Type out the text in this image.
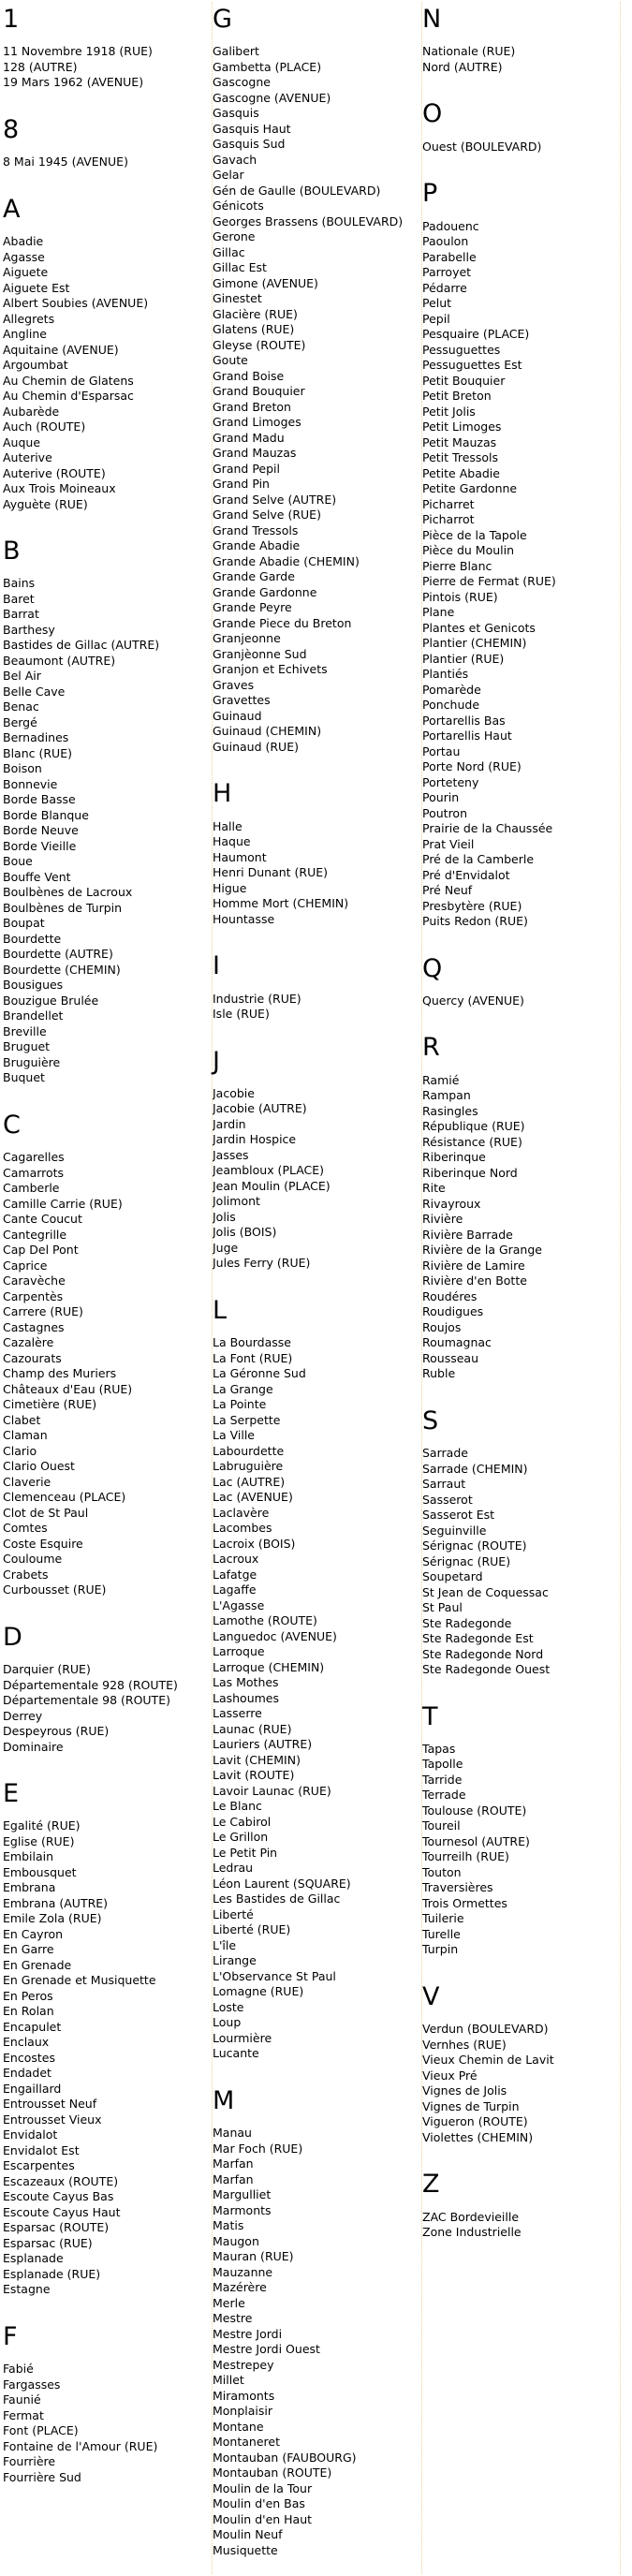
1
11 Novembre 1918 (RUE)
128 (AUTRE)
19 Mars 1962 (AVENUE)
8
8 Mai 1945 (AVENUE)
A
Abadie
Agasse
Aiguete
Aiguete Est
Albert Soubies (AVENUE)
Allegrets
Angline
Aquitaine (AVENUE)
Argoumbat
Au Chemin de Glatens
Au Chemin d'Esparsac
Aubarède
Auch (ROUTE)
Auque
Auterive
Auterive (ROUTE)
Aux Trois Moineaux
Ayguète (RUE)
B
Bains
Baret
Barrat
Barthesy
Bastides de Gillac (AUTRE)
Beaumont (AUTRE)
Bel Air
Belle Cave
Benac
Bergé
Bernadines
Blanc (RUE)
Boison
Bonnevie
Borde Basse
Borde Blanque
Borde Neuve
Borde Vieille
Boue
Bouffe Vent
Boulbènes de Lacroux
Boulbènes de Turpin
Boupat
Bourdette
Bourdette (AUTRE)
Bourdette (CHEMIN)
Bousigues
Bouzigue Brulée
Brandellet
Breville
Bruguet
Bruguière
Buquet
C
Cagarelles
Camarrots
Camberle
Camille Carrie (RUE)
Cante Coucut
Cantegrille
Cap Del Pont
Caprice
Caravèche
Carpentès
Carrere (RUE)
Castagnes
Cazalère
Cazourats
Champ des Muriers
Châteaux d'Eau (RUE)
Cimetière (RUE)
Clabet
Claman
Clario
Clario Ouest
Claverie
Clemenceau (PLACE)
Clot de St Paul
Comtes
Coste Esquire
Couloume
Crabets
Curbousset (RUE)
D
Darquier (RUE)
Départementale 928 (ROUTE)
Départementale 98 (ROUTE)
Derrey
Despeyrous (RUE)
Dominaire
E
Egalité (RUE)
Eglise (RUE)
Embilain
Embousquet
Embrana
Embrana (AUTRE)
Emile Zola (RUE)
En Cayron
En Garre
En Grenade
En Grenade et Musiquette
En Peros
En Rolan
Encapulet
Enclaux
Encostes
Endadet
Engaillard
Entrousset Neuf
Entrousset Vieux
Envidalot
Envidalot Est
Escarpentes
Escazeaux (ROUTE)
Escoute Cayus Bas
Escoute Cayus Haut
Esparsac (ROUTE)
Esparsac (RUE)
Esplanade
Esplanade (RUE)
Estagne
F
Fabié
Fargasses
Faunié
Fermat
Font (PLACE)
Fontaine de l'Amour (RUE)
Fourrière
Fourrière Sud
G
Galibert
Gambetta (PLACE)
Gascogne
Gascogne (AVENUE)
Gasquis
Gasquis Haut
Gasquis Sud
Gavach
Gelar
Gén de Gaulle (BOULEVARD)
Génicots
Georges Brassens (BOULEVARD)
Gerone
Gillac
Gillac Est
Gimone (AVENUE)
Ginestet
Glacière (RUE)
Glatens (RUE)
Gleyse (ROUTE)
Goute
Grand Boise
Grand Bouquier
Grand Breton
Grand Limoges
Grand Madu
Grand Mauzas
Grand Pepil
Grand Pin
Grand Selve (AUTRE)
Grand Selve (RUE)
Grand Tressols
Grande Abadie
Grande Abadie (CHEMIN)
Grande Garde
Grande Gardonne
Grande Peyre
Grande Piece du Breton
Granjeonne
Granjèonne Sud
Granjon et Echivets
Graves
Gravettes
Guinaud
Guinaud (CHEMIN)
Guinaud (RUE)
H
Halle
Haque
Haumont
Henri Dunant (RUE)
Higue
Homme Mort (CHEMIN)
Hountasse
I
Industrie (RUE)
Isle (RUE)
J
Jacobie
Jacobie (AUTRE)
Jardin
Jardin Hospice
Jasses
Jeambloux (PLACE)
Jean Moulin (PLACE)
Jolimont
Jolis
Jolis (BOIS)
Juge
Jules Ferry (RUE)
L
La Bourdasse
La Font (RUE)
La Géronne Sud
La Grange
La Pointe
La Serpette
La Ville
Labourdette
Labruguière
Lac (AUTRE)
Lac (AVENUE)
Laclavère
Lacombes
Lacroix (BOIS)
Lacroux
Lafatge
Lagaffe
L'Agasse
Lamothe (ROUTE)
Languedoc (AVENUE)
Larroque
Larroque (CHEMIN)
Las Mothes
Lashoumes
Lasserre
Launac (RUE)
Lauriers (AUTRE)
Lavit (CHEMIN)
Lavit (ROUTE)
Lavoir Launac (RUE)
Le Blanc
Le Cabirol
Le Grillon
Le Petit Pin
Ledrau
Léon Laurent (SQUARE)
Les Bastides de Gillac
Liberté
Liberté (RUE)
L'île
Lirange
L'Observance St Paul
Lomagne (RUE)
Loste
Loup
Lourmière
Lucante
M
Manau
Mar Foch (RUE)
Marfan
Marfan
Margulliet
Marmonts
Matis
Maugon
Mauran (RUE)
Mauzanne
Mazérère
Merle
Mestre
Mestre Jordi
Mestre Jordi Ouest
Mestrepey
Millet
Miramonts
Monplaisir
Montane
Montaneret
Montauban (FAUBOURG)
Montauban (ROUTE)
Moulin de la Tour
Moulin d'en Bas
Moulin d'en Haut
Moulin Neuf
Musiquette
N
Nationale (RUE)
Nord (AUTRE)
O
Ouest (BOULEVARD)
P
Padouenc
Paoulon
Parabelle
Parroyet
Pédarre
Pelut
Pepil
Pesquaire (PLACE)
Pessuguettes
Pessuguettes Est
Petit Bouquier
Petit Breton
Petit Jolis
Petit Limoges
Petit Mauzas
Petit Tressols
Petite Abadie
Petite Gardonne
Picharret
Picharrot
Pièce de la Tapole
Pièce du Moulin
Pierre Blanc
Pierre de Fermat (RUE)
Pintois (RUE)
Plane
Plantes et Genicots
Plantier (CHEMIN)
Plantier (RUE)
Plantiés
Pomarède
Ponchude
Portarellis Bas
Portarellis Haut
Portau
Porte Nord (RUE)
Porteteny
Pourin
Poutron
Prairie de la Chaussée
Prat Vieil
Pré de la Camberle
Pré d'Envidalot
Pré Neuf
Presbytère (RUE)
Puits Redon (RUE)
Q
Quercy (AVENUE)
R
Ramié
Rampan
Rasingles
République (RUE)
Résistance (RUE)
Riberinque
Riberinque Nord
Rite
Rivayroux
Rivière
Rivière Barrade
Rivière de la Grange
Rivière de Lamire
Rivière d'en Botte
Roudéres
Roudigues
Roujos
Roumagnac
Rousseau
Ruble
S
Sarrade
Sarrade (CHEMIN)
Sarraut
Sasserot
Sasserot Est
Seguinville
Sérignac (ROUTE)
Sérignac (RUE)
Soupetard
St Jean de Coquessac
St Paul
Ste Radegonde
Ste Radegonde Est
Ste Radegonde Nord
Ste Radegonde Ouest
T
Tapas
Tapolle
Tarride
Terrade
Toulouse (ROUTE)
Toureil
Tournesol (AUTRE)
Tourreilh (RUE)
Touton
Traversières
Trois Ormettes
Tuilerie
Turelle
Turpin
V
Verdun (BOULEVARD)
Vernhes (RUE)
Vieux Chemin de Lavit
Vieux Pré
Vignes de Jolis
Vignes de Turpin
Vigueron (ROUTE)
Violettes (CHEMIN)
Z
ZAC Bordevieille
Zone Industrielle
